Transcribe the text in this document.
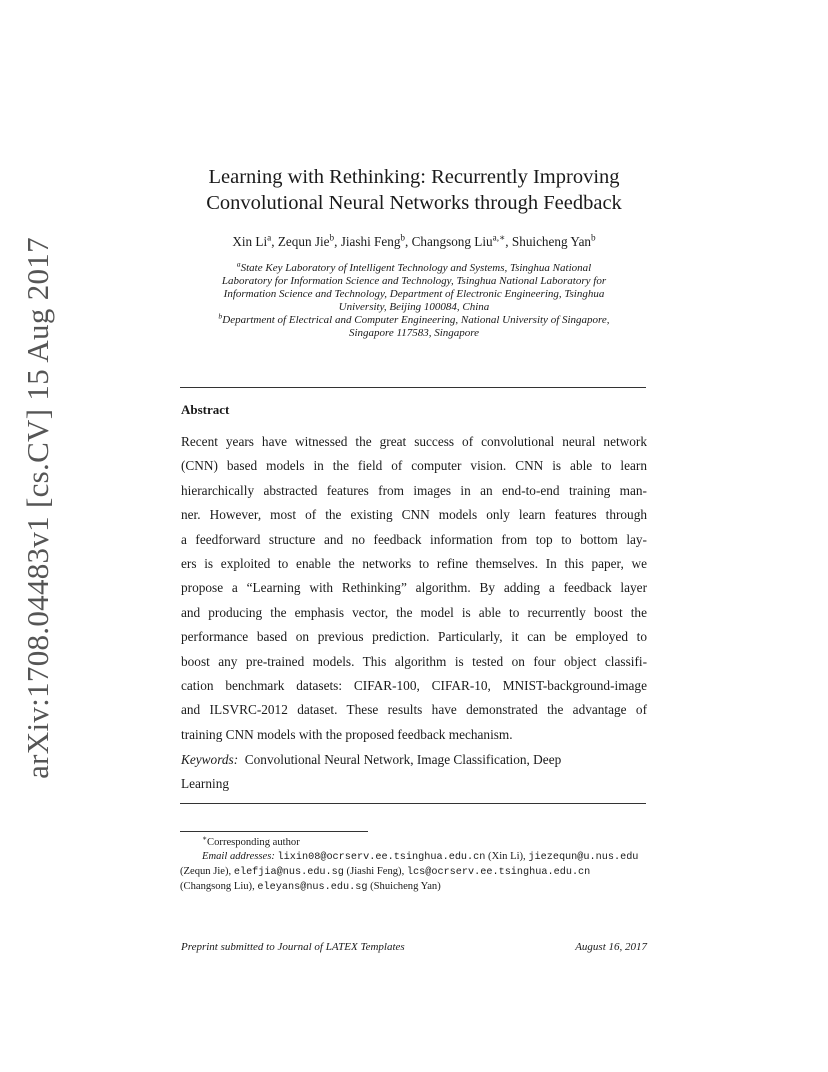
arXiv:1708.04483v1 [cs.CV] 15 Aug 2017
Learning with Rethinking: Recurrently Improving
Convolutional Neural Networks through Feedback
Xin Li$^a$, Zequn Jie$^b$, Jiashi Feng$^b$, Changsong Liu$^{a,∗}$, Shuicheng Yan$^b$
$^a$State Key Laboratory of Intelligent Technology and Systems, Tsinghua National
Laboratory for Information Science and Technology, Tsinghua National Laboratory for
Information Science and Technology, Department of Electronic Engineering, Tsinghua
University, Beijing 100084, China
$^b$Department of Electrical and Computer Engineering, National University of Singapore,
Singapore 117583, Singapore
Abstract
Recent years have witnessed the great success of convolutional neural network
(CNN) based models in the field of computer vision. CNN is able to learn
hierarchically abstracted features from images in an end-to-end training man-
ner. However, most of the existing CNN models only learn features through
a feedforward structure and no feedback information from top to bottom lay-
ers is exploited to enable the networks to refine themselves. In this paper, we
propose a “Learning with Rethinking” algorithm. By adding a feedback layer
and producing the emphasis vector, the model is able to recurrently boost the
performance based on previous prediction. Particularly, it can be employed to
boost any pre-trained models. This algorithm is tested on four object classifi-
cation benchmark datasets: CIFAR-100, CIFAR-10, MNIST-background-image
and ILSVRC-2012 dataset. These results have demonstrated the advantage of
training CNN models with the proposed feedback mechanism.
Keywords: Convolutional Neural Network, Image Classification, Deep
Learning
∗Corresponding author
Email addresses: lixin08@ocrserv.ee.tsinghua.edu.cn (Xin Li), jiezequn@u.nus.edu
(Zequn Jie), elefjia@nus.edu.sg (Jiashi Feng), lcs@ocrserv.ee.tsinghua.edu.cn
(Changsong Liu), eleyans@nus.edu.sg (Shuicheng Yan)
Preprint submitted to Journal of LATEX Templates	August 16, 2017
